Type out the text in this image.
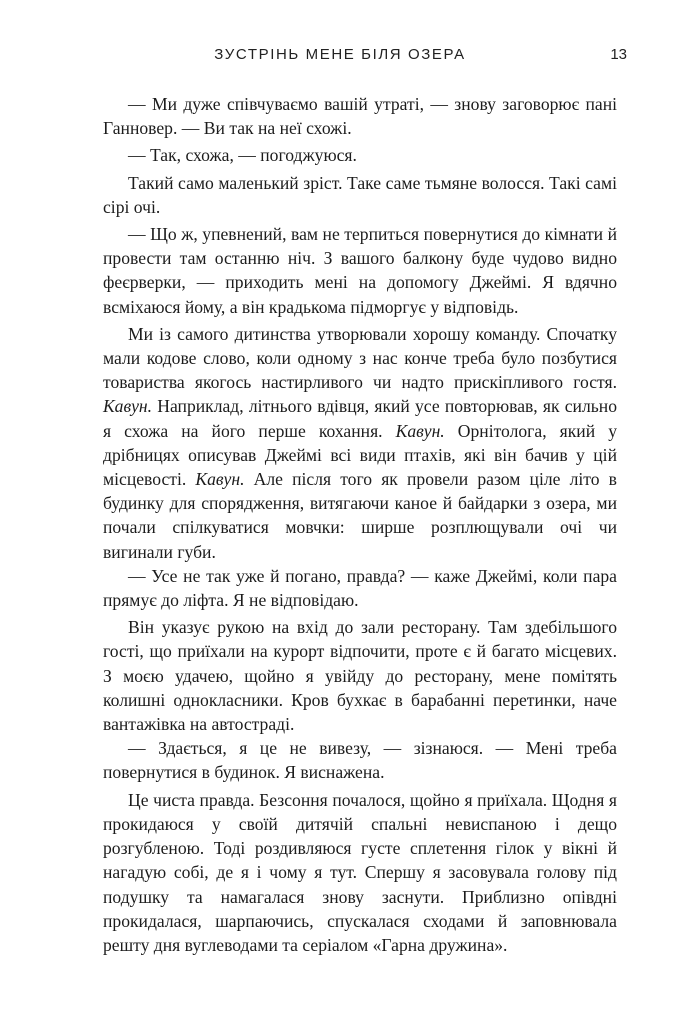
ЗУСТРІНЬ МЕНЕ БІЛЯ ОЗЕРА	13

— Ми дуже співчуваємо вашій утраті, — знову заговорює пані Ганновер. — Ви так на неї схожі.

— Так, схожа, — погоджуюся.

Такий само маленький зріст. Таке саме тьмяне волосся. Такі самі сірі очі.

— Що ж, упевнений, вам не терпиться повернутися до кімнати й провести там останню ніч. З вашого балкону буде чудово видно феєрверки, — приходить мені на допомогу Джеймі. Я вдячно всміхаюся йому, а він крадькома підморгує у відповідь.

Ми із самого дитинства утворювали хорошу команду. Спочатку мали кодове слово, коли одному з нас конче треба було позбутися товариства якогось настирливого чи надто прискіпливого гостя. Кавун. Наприклад, літнього вдівця, який усе повторював, як сильно я схожа на його перше кохання. Кавун. Орнітолога, який у дрібницях описував Джеймі всі види птахів, які він бачив у цій місцевості. Кавун. Але після того як провели разом ціле літо в будинку для спорядження, витягаючи каное й байдарки з озера, ми почали спілкуватися мовчки: ширше розплющували очі чи вигинали губи.

— Усе не так уже й погано, правда? — каже Джеймі, коли пара прямує до ліфта. Я не відповідаю.

Він указує рукою на вхід до зали ресторану. Там здебільшого гості, що приїхали на курорт відпочити, проте є й багато місцевих. З моєю удачею, щойно я увійду до ресторану, мене помітять колишні однокласники. Кров бухкає в барабанні перетинки, наче вантажівка на автостраді.

— Здається, я це не вивезу, — зізнаюся. — Мені треба повернутися в будинок. Я виснажена.

Це чиста правда. Безсоння почалося, щойно я приїхала. Щодня я прокидаюся у своїй дитячій спальні невиспаною і дещо розгубленою. Тоді роздивляюся густе сплетення гілок у вікні й нагадую собі, де я і чому я тут. Спершу я засовувала голову під подушку та намагалася знову заснути. Приблизно опівдні прокидалася, шарпаючись, спускалася сходами й заповнювала решту дня вуглеводами та серіалом «Гарна дружина».
